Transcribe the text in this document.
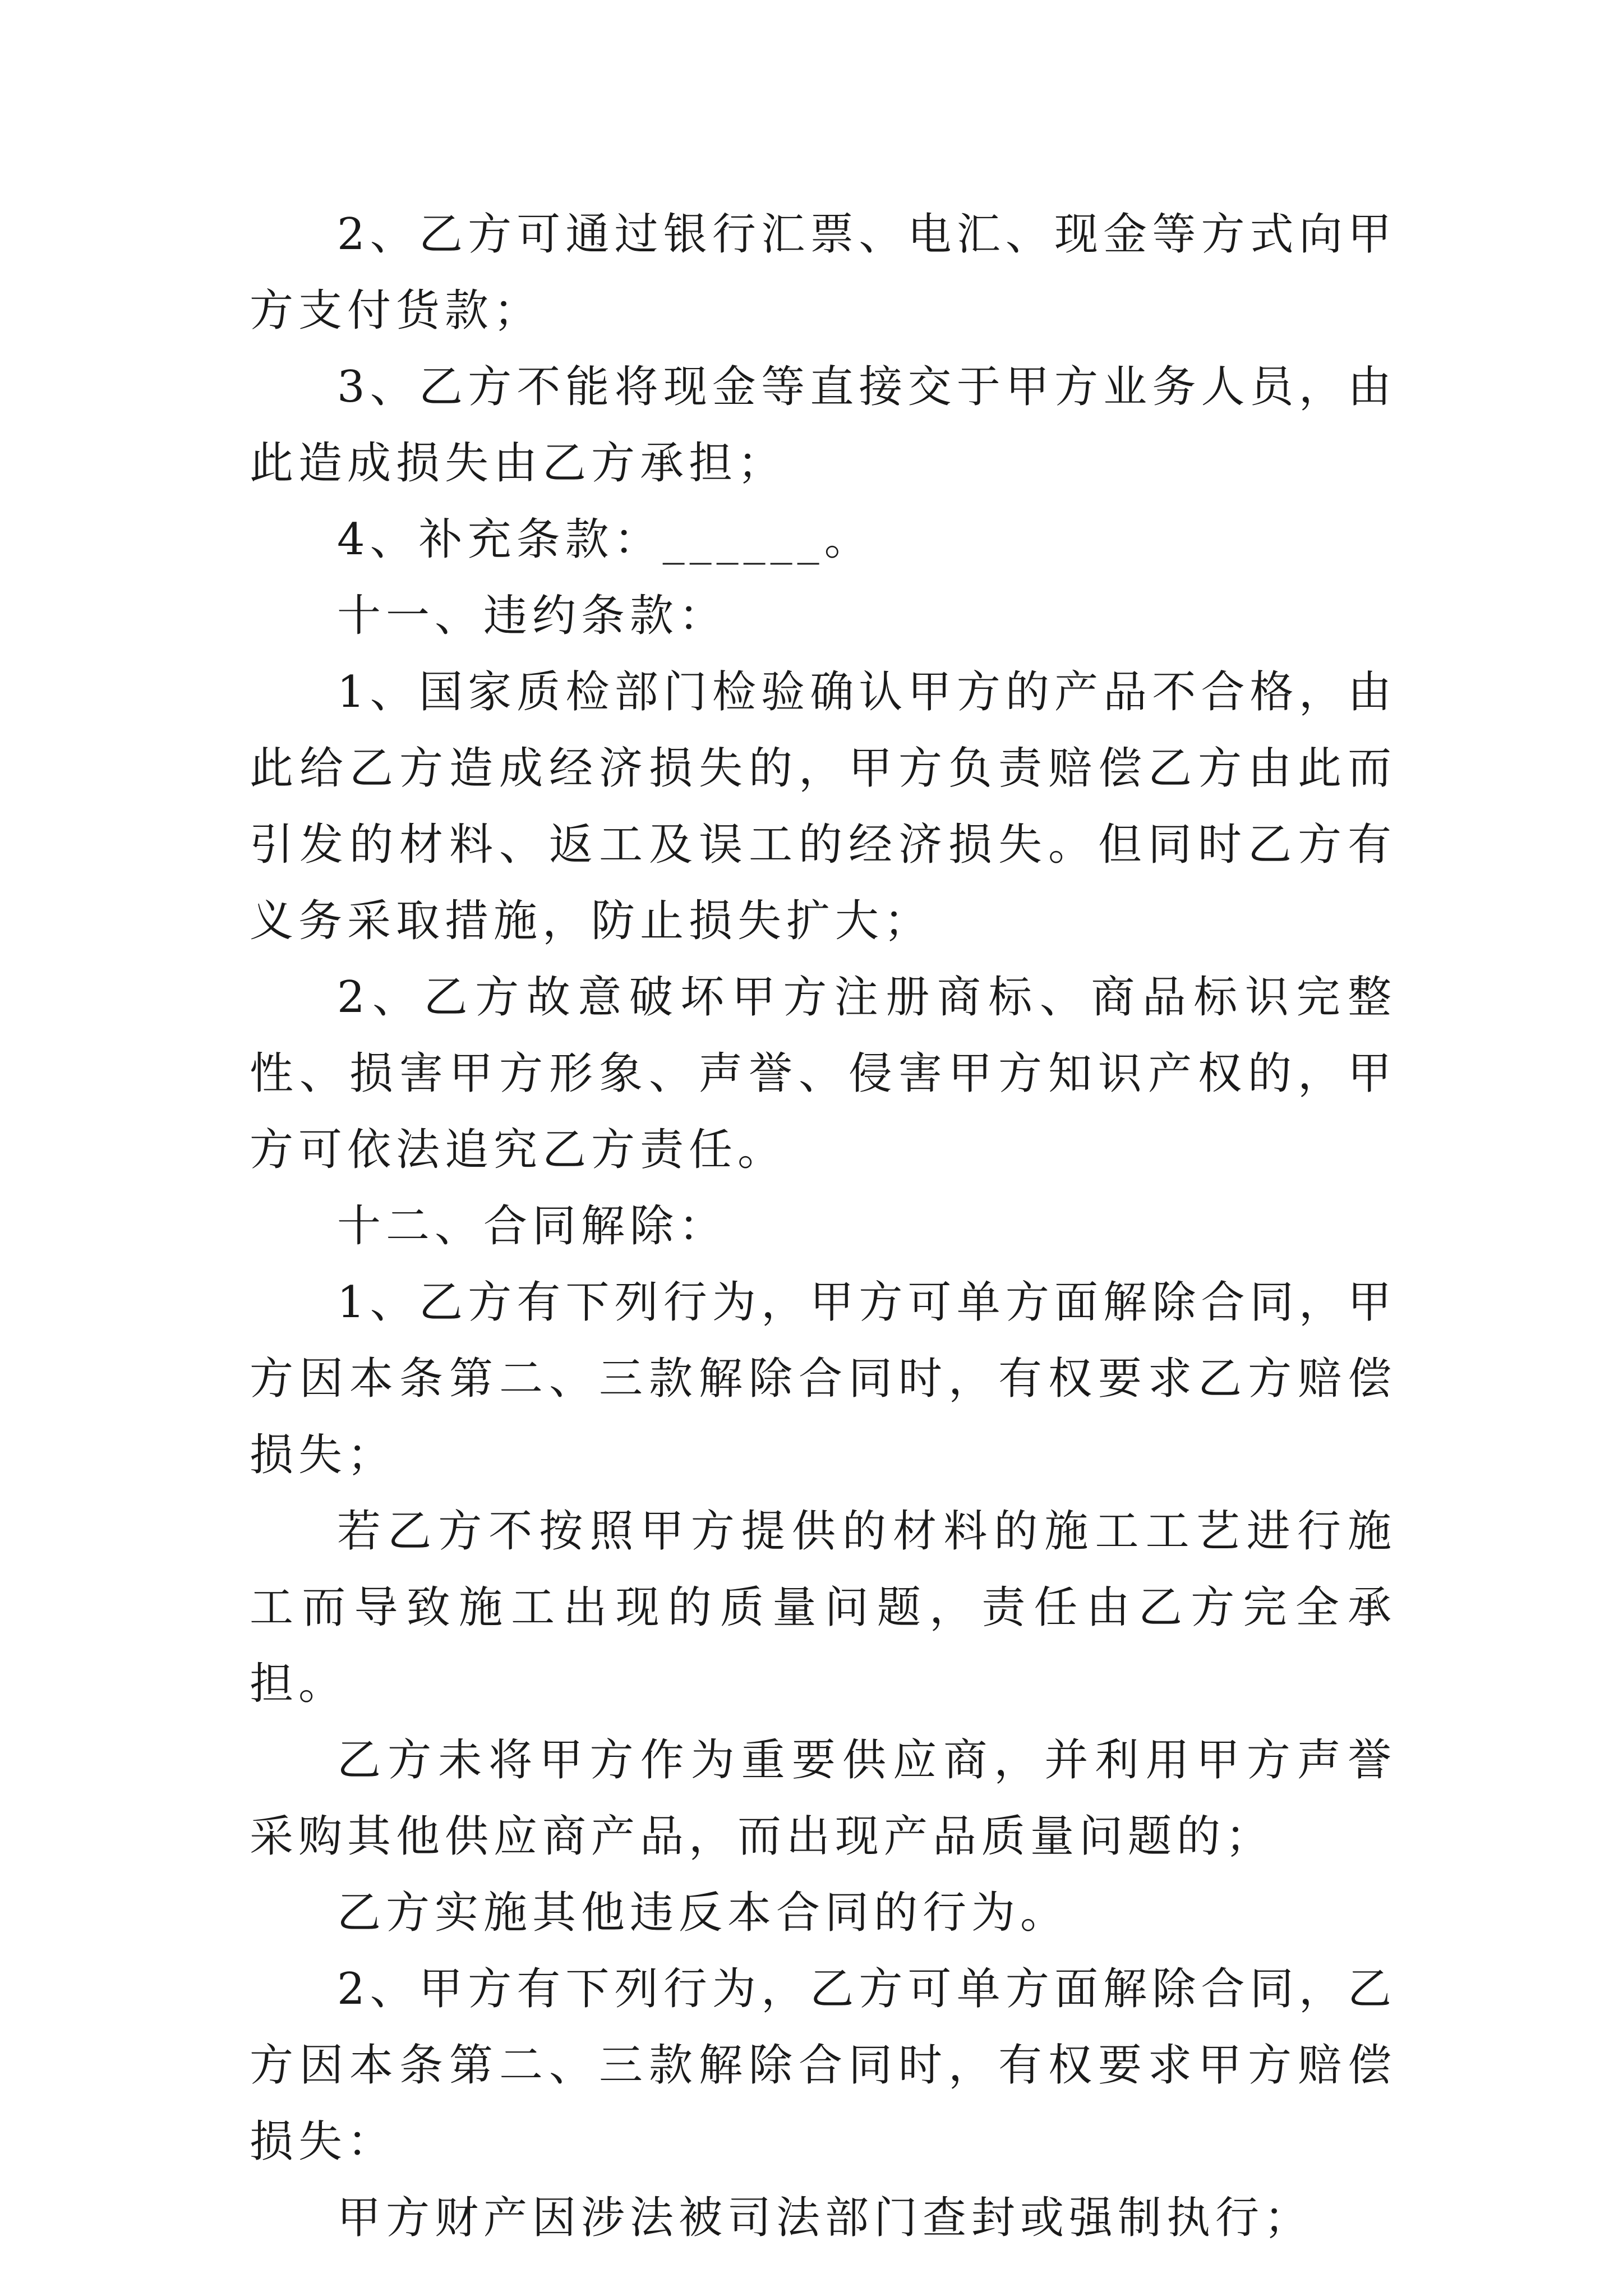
2、乙方可通过银行汇票、电汇、现金等方式向甲方支付货款；

3、乙方不能将现金等直接交于甲方业务人员，由此造成损失由乙方承担；

4、补充条款：______。

十一、违约条款：

1、国家质检部门检验确认甲方的产品不合格，由此给乙方造成经济损失的，甲方负责赔偿乙方由此而引发的材料、返工及误工的经济损失。但同时乙方有义务采取措施，防止损失扩大；

2、乙方故意破坏甲方注册商标、商品标识完整性、损害甲方形象、声誉、侵害甲方知识产权的，甲方可依法追究乙方责任。

十二、合同解除：

1、乙方有下列行为，甲方可单方面解除合同，甲方因本条第二、三款解除合同时，有权要求乙方赔偿损失；

若乙方不按照甲方提供的材料的施工工艺进行施工而导致施工出现的质量问题，责任由乙方完全承担。

乙方未将甲方作为重要供应商，并利用甲方声誉采购其他供应商产品，而出现产品质量问题的；

乙方实施其他违反本合同的行为。

2、甲方有下列行为，乙方可单方面解除合同，乙方因本条第二、三款解除合同时，有权要求甲方赔偿损失：

甲方财产因涉法被司法部门查封或强制执行；
